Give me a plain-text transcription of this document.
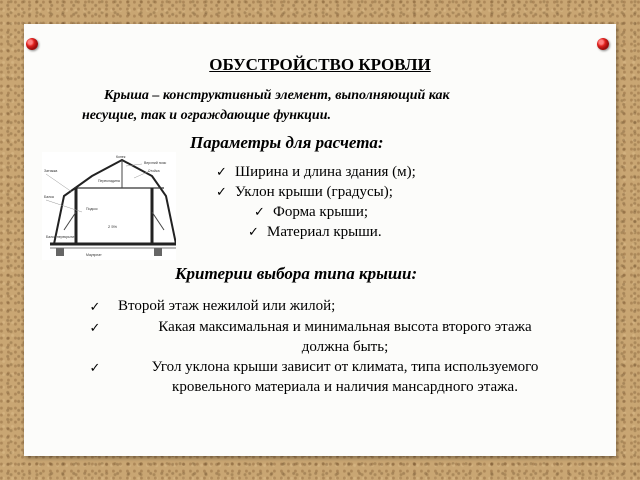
ОБУСТРОЙСТВО КРОВЛИ
Крыша – конструктивный элемент, выполняющий как
несущие, так и ограждающие функции.
Параметры для расчета:
Конек
Верхний пояс
Перекладина
Стойка
Затяжка
Балка
Подкос
Мауэрлат
Балка перекрытия
2 5%
✓ Ширина и длина здания (м);
✓ Уклон крыши (градусы);
✓ Форма крыши;
✓ Материал крыши.
Критерии выбора типа крыши:
✓	Второй этаж нежилой или жилой;
✓	Какая максимальная и минимальная высота второго этажа
должна быть;
✓	Угол уклона крыши зависит от климата, типа используемого
кровельного материала и наличия мансардного этажа.
